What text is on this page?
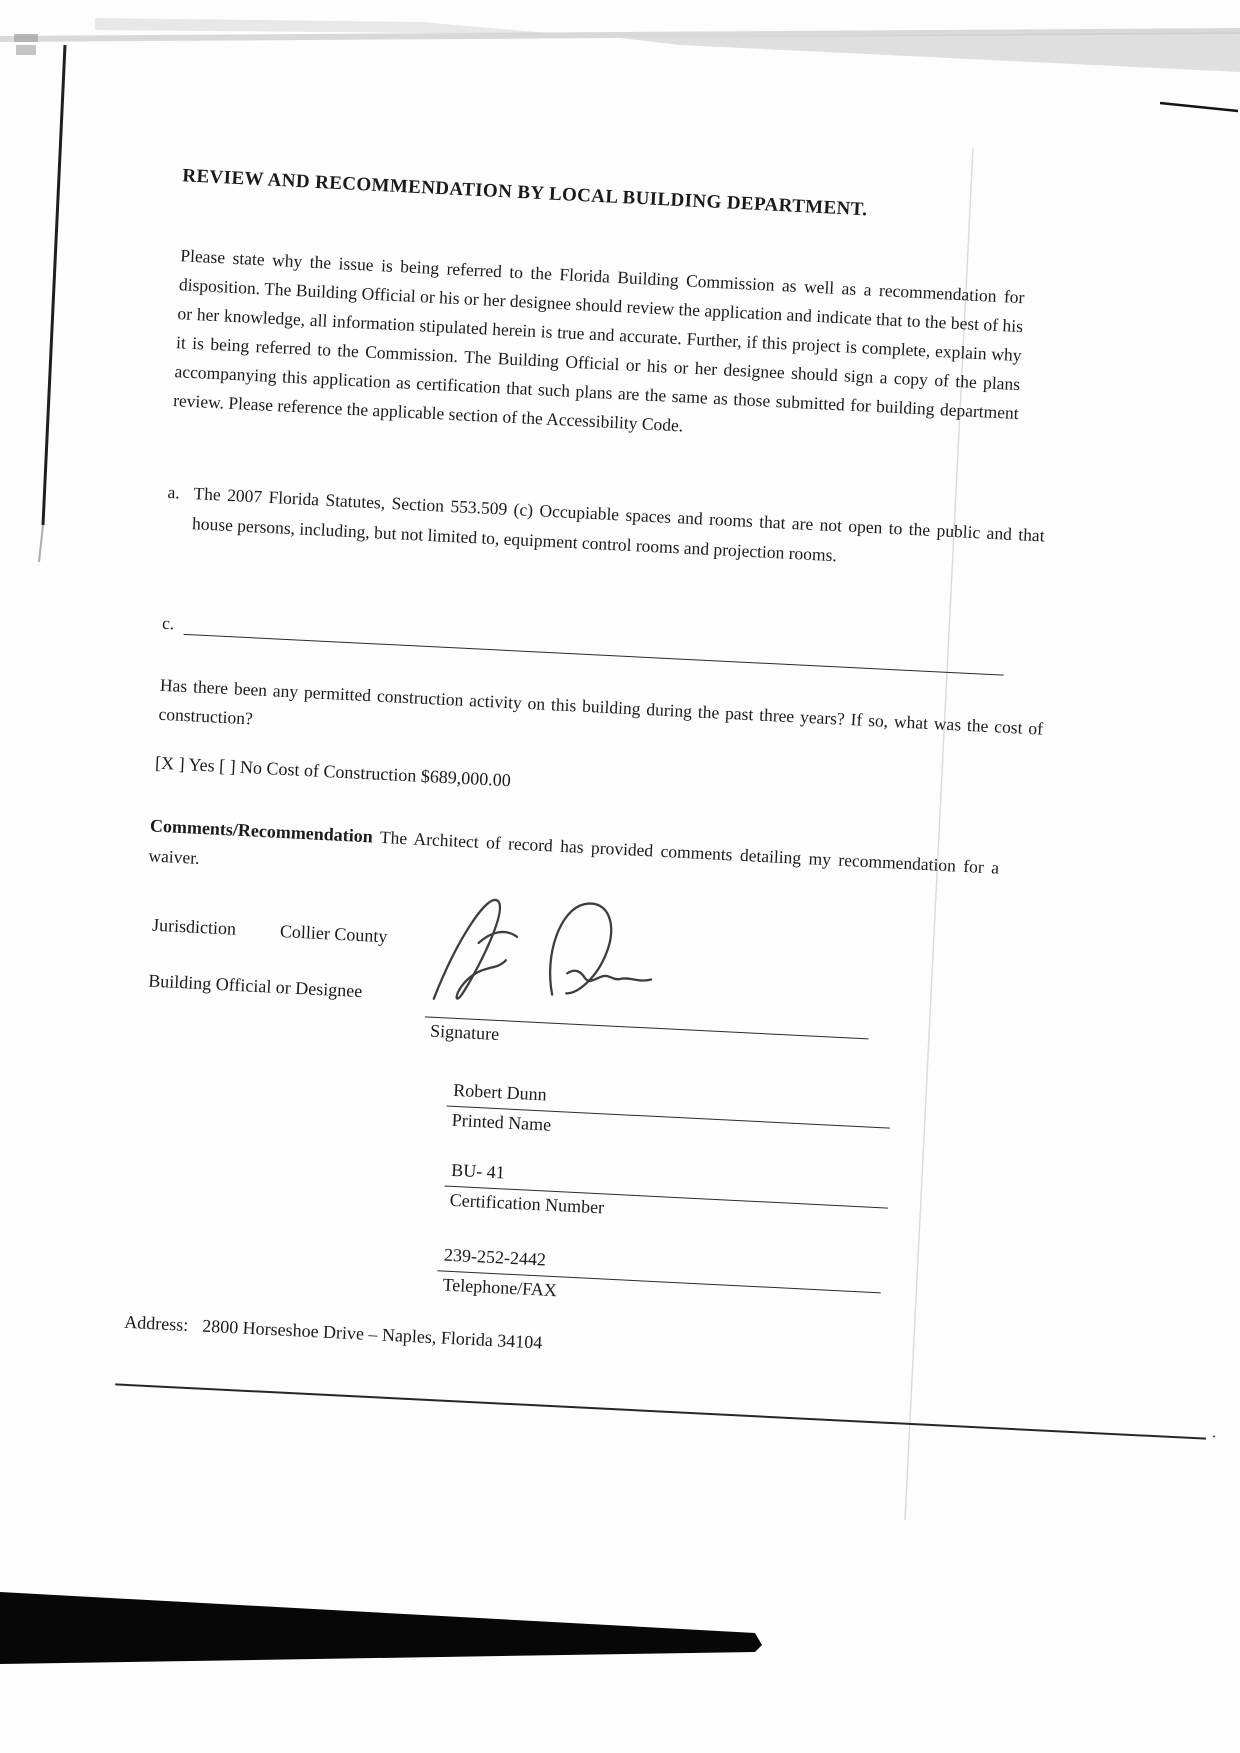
REVIEW AND RECOMMENDATION BY LOCAL BUILDING DEPARTMENT.
Please state why the issue is being referred to the Florida Building Commission as well as a recommendation for disposition. The Building Official or his or her designee should review the application and indicate that to the best of his or her knowledge, all information stipulated herein is true and accurate. Further, if this project is complete, explain why it is being referred to the Commission. The Building Official or his or her designee should sign a copy of the plans accompanying this application as certification that such plans are the same as those submitted for building department review. Please reference the applicable section of the Accessibility Code.
a. The 2007 Florida Statutes, Section 553.509 (c) Occupiable spaces and rooms that are not open to the public and that house persons, including, but not limited to, equipment control rooms and projection rooms.
c.
Has there been any permitted construction activity on this building during the past three years? If so, what was the cost of construction?
[X ] Yes [ ] No Cost of Construction $689,000.00
Comments/Recommendation The Architect of record has provided comments detailing my recommendation for a waiver.
Jurisdiction Collier County
Building Official or Designee
Signature
Robert Dunn
Printed Name
BU- 41
Certification Number
239-252-2442
Telephone/FAX
Address: 2800 Horseshoe Drive – Naples, Florida 34104
.
